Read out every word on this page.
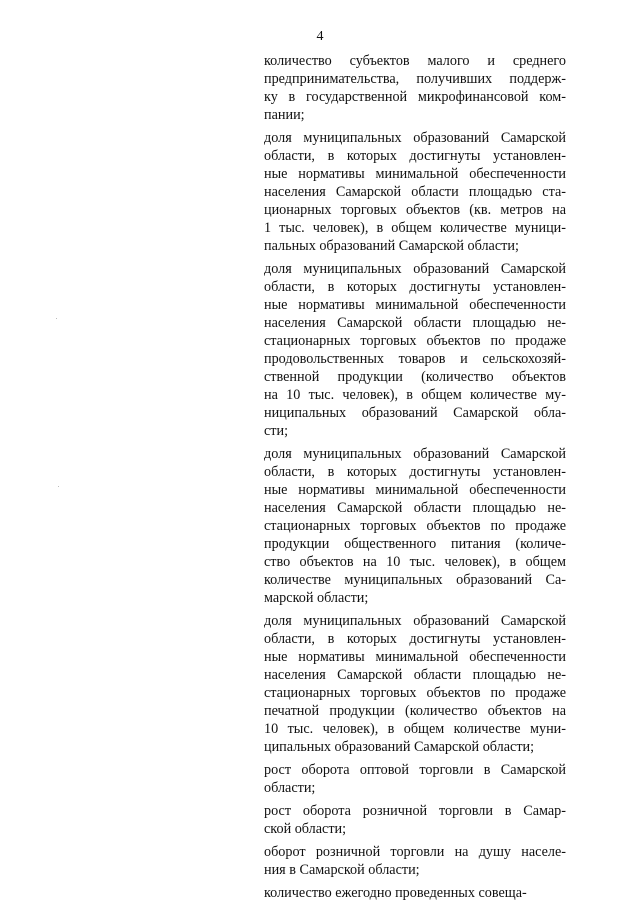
4

количество субъектов малого и среднего
предпринимательства, получивших поддерж-
ку в государственной микрофинансовой ком-
пании;

доля муниципальных образований Самарской
области, в которых достигнуты установлен-
ные нормативы минимальной обеспеченности
населения Самарской области площадью ста-
ционарных торговых объектов (кв. метров на
1 тыс. человек), в общем количестве муници-
пальных образований Самарской области;

доля муниципальных образований Самарской
области, в которых достигнуты установлен-
ные нормативы минимальной обеспеченности
населения Самарской области площадью не-
стационарных торговых объектов по продаже
продовольственных товаров и сельскохозяй-
ственной продукции (количество объектов
на 10 тыс. человек), в общем количестве му-
ниципальных образований Самарской обла-
сти;

доля муниципальных образований Самарской
области, в которых достигнуты установлен-
ные нормативы минимальной обеспеченности
населения Самарской области площадью не-
стационарных торговых объектов по продаже
продукции общественного питания (количе-
ство объектов на 10 тыс. человек), в общем
количестве муниципальных образований Са-
марской области;

доля муниципальных образований Самарской
области, в которых достигнуты установлен-
ные нормативы минимальной обеспеченности
населения Самарской области площадью не-
стационарных торговых объектов по продаже
печатной продукции (количество объектов на
10 тыс. человек), в общем количестве муни-
ципальных образований Самарской области;

рост оборота оптовой торговли в Самарской
области;

рост оборота розничной торговли в Самар-
ской области;

оборот розничной торговли на душу населе-
ния в Самарской области;

количество ежегодно проведенных совеща-
